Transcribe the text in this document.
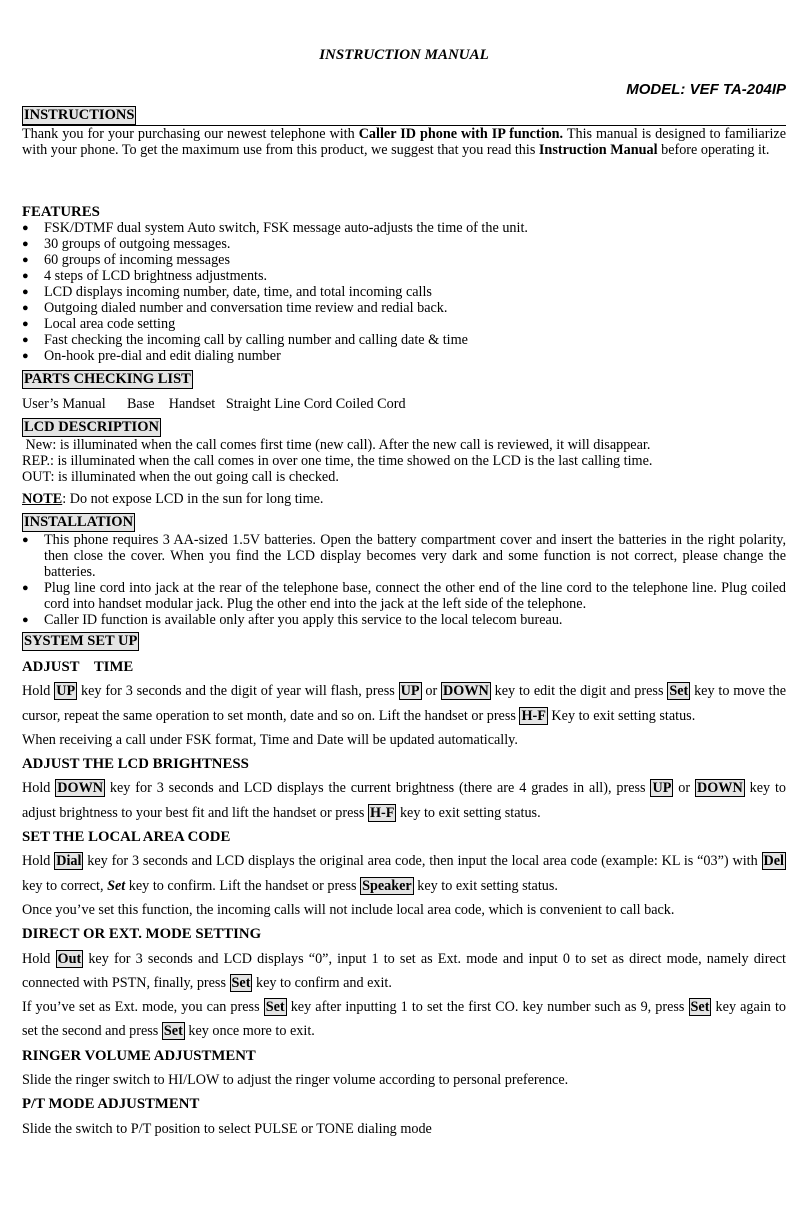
INSTRUCTION MANUAL
MODEL: VEF TA-204IP
INSTRUCTIONS

Thank you for your purchasing our newest telephone with Caller ID phone with IP function. This manual is designed to familiarize with your phone. To get the maximum use from this product, we suggest that you read this Instruction Manual before operating it.

FEATURES
● FSK/DTMF dual system Auto switch, FSK message auto-adjusts the time of the unit.
● 30 groups of outgoing messages.
● 60 groups of incoming messages
● 4 steps of LCD brightness adjustments.
● LCD displays incoming number, date, time, and total incoming calls
● Outgoing dialed number and conversation time review and redial back.
● Local area code setting
● Fast checking the incoming call by calling number and calling date & time
● On-hook pre-dial and edit dialing number
PARTS CHECKING LIST

User’s Manual      Base    Handset   Straight Line Cord Coiled Cord

LCD DESCRIPTION

New: is illuminated when the call comes first time (new call). After the new call is reviewed, it will disappear.

REP.: is illuminated when the call comes in over one time, the time showed on the LCD is the last calling time.

OUT: is illuminated when the out going call is checked.

NOTE: Do not expose LCD in the sun for long time.

INSTALLATION
● This phone requires 3 AA-sized 1.5V batteries. Open the battery compartment cover and insert the batteries in the right polarity, then close the cover. When you find the LCD display becomes very dark and some function is not correct, please change the batteries.
● Plug line cord into jack at the rear of the telephone base, connect the other end of the line cord to the telephone line. Plug coiled cord into handset modular jack. Plug the other end into the jack at the left side of the telephone.
● Caller ID function is available only after you apply this service to the local telecom bureau.
SYSTEM SET UP
ADJUST    TIME

Hold UP key for 3 seconds and the digit of year will flash, press UP or DOWN key to edit the digit and press Set key to move the cursor, repeat the same operation to set month, date and so on. Lift the handset or press H-F Key to exit setting status.

When receiving a call under FSK format, Time and Date will be updated automatically.

ADJUST THE LCD BRIGHTNESS

Hold DOWN key for 3 seconds and LCD displays the current brightness (there are 4 grades in all), press UP or DOWN key to adjust brightness to your best fit and lift the handset or press H-F key to exit setting status.

SET THE LOCAL AREA CODE

Hold Dial key for 3 seconds and LCD displays the original area code, then input the local area code (example: KL is “03”) with Del key to correct, Set key to confirm. Lift the handset or press Speaker key to exit setting status.

Once you’ve set this function, the incoming calls will not include local area code, which is convenient to call back.

DIRECT OR EXT. MODE SETTING

Hold Out key for 3 seconds and LCD displays “0”, input 1 to set as Ext. mode and input 0 to set as direct mode, namely direct connected with PSTN, finally, press Set key to confirm and exit.

If you’ve set as Ext. mode, you can press Set key after inputting 1 to set the first CO. key number such as 9, press Set key again to set the second and press Set key once more to exit.

RINGER VOLUME ADJUSTMENT

Slide the ringer switch to HI/LOW to adjust the ringer volume according to personal preference.

P/T MODE ADJUSTMENT

Slide the switch to P/T position to select PULSE or TONE dialing mode
